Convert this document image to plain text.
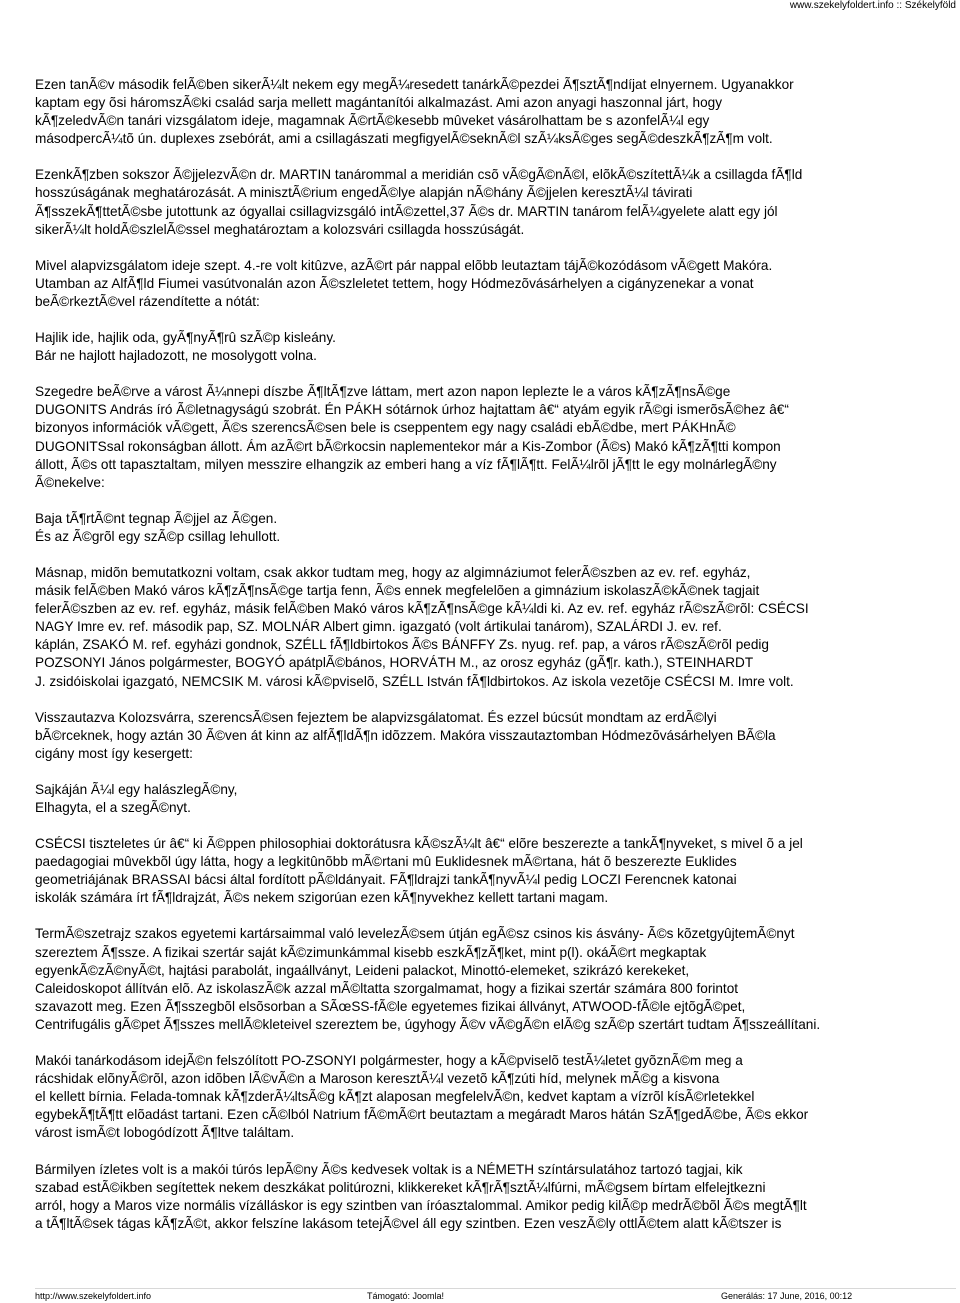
www.szekelyfoldert.info :: Székelyföld
Ezen tanÃ©v második felÃ©ben sikerÃ¼lt nekem egy megÃ¼resedett tanárkÃ©pezdei Ã¶sztÃ¶ndíjat elnyernem. Ugyanakkor
kaptam egy õsi háromszÃ©ki család sarja mellett magántanítói alkalmazást. Ami azon anyagi haszonnal járt, hogy
kÃ¶zeledvÃ©n tanári vizsgálatom ideje, magamnak Ã©rtÃ©kesebb mûveket vásárolhattam be s azonfelÃ¼l egy
másodpercÃ¼tõ ún. duplexes zsebórát, ami a csillagászati megfigyelÃ©seknÃ©l szÃ¼ksÃ©ges segÃ©deszkÃ¶zÃ¶m volt.
EzenkÃ¶zben sokszor Ã©jjelezvÃ©n dr. MARTIN tanárommal a meridián csõ vÃ©gÃ©nÃ©l, elõkÃ©szítettÃ¼k a csillagda fÃ¶ld
hosszúságának meghatározását. A minisztÃ©rium engedÃ©lye alapján nÃ©hány Ã©jjelen keresztÃ¼l távirati
Ã¶sszekÃ¶ttetÃ©sbe jutottunk az ógyallai csillagvizsgáló intÃ©zettel,37 Ã©s dr. MARTIN tanárom felÃ¼gyelete alatt egy jól
sikerÃ¼lt holdÃ©szlelÃ©ssel meghatároztam a kolozsvári csillagda hosszúságát.
Mivel alapvizsgálatom ideje szept. 4.-re volt kitûzve, azÃ©rt pár nappal elõbb leutaztam tájÃ©kozódásom vÃ©gett Makóra.
Utamban az AlfÃ¶ld Fiumei vasútvonalán azon Ã©szleletet tettem, hogy Hódmezõvásárhelyen a cigányzenekar a vonat
beÃ©rkeztÃ©vel rázendítette a nótát:
Hajlik ide, hajlik oda, gyÃ¶nyÃ¶rû szÃ©p kisleány.
Bár ne hajlott hajladozott, ne mosolygott volna.
Szegedre beÃ©rve a várost Ã¼nnepi díszbe Ã¶ltÃ¶zve láttam, mert azon napon leplezte le a város kÃ¶zÃ¶nsÃ©ge
DUGONITS András író Ã©letnagyságú szobrát. Én PÁKH sótárnok úrhoz hajtattam â€“ atyám egyik rÃ©gi ismerõsÃ©hez â€“
bizonyos információk vÃ©gett, Ã©s szerencsÃ©sen bele is cseppentem egy nagy családi ebÃ©dbe, mert PÁKHnÃ©
DUGONITSsal rokonságban állott. Ám azÃ©rt bÃ©rkocsin naplementekor már a Kis-Zombor (Ã©s) Makó kÃ¶zÃ¶tti kompon
állott, Ã©s ott tapasztaltam, milyen messzire elhangzik az emberi hang a víz fÃ¶lÃ¶tt. FelÃ¼lrõl jÃ¶tt le egy molnárlegÃ©ny
Ã©nekelve:
Baja tÃ¶rtÃ©nt tegnap Ã©jjel az Ã©gen.
És az Ã©grõl egy szÃ©p csillag lehullott.
Másnap, midõn bemutatkozni voltam, csak akkor tudtam meg, hogy az algimnáziumot felerÃ©szben az ev. ref. egyház,
másik felÃ©ben Makó város kÃ¶zÃ¶nsÃ©ge tartja fenn, Ã©s ennek megfelelõen a gimnázium iskolaszÃ©kÃ©nek tagjait
felerÃ©szben az ev. ref. egyház, másik felÃ©ben Makó város kÃ¶zÃ¶nsÃ©ge kÃ¼ldi ki. Az ev. ref. egyház rÃ©szÃ©rõl: CSÉCSI
NAGY Imre ev. ref. második pap, SZ. MOLNÁR Albert gimn. igazgató (volt ártikulai tanárom), SZALÁRDI J. ev. ref.
káplán, ZSAKÓ M. ref. egyházi gondnok, SZÉLL fÃ¶ldbirtokos Ã©s BÁNFFY Zs. nyug. ref. pap, a város rÃ©szÃ©rõl pedig
POZSONYI János polgármester, BOGYÓ apátplÃ©bános, HORVÁTH M., az orosz egyház (gÃ¶r. kath.), STEINHARDT
J. zsidóiskolai igazgató, NEMCSIK M. városi kÃ©pviselõ, SZÉLL István fÃ¶ldbirtokos. Az iskola vezetõje CSÉCSI M. Imre volt.
Visszautazva Kolozsvárra, szerencsÃ©sen fejeztem be alapvizsgálatomat. És ezzel búcsút mondtam az erdÃ©lyi
bÃ©rceknek, hogy aztán 30 Ã©ven át kinn az alfÃ¶ldÃ¶n idõzzem. Makóra visszautaztomban Hódmezõvásárhelyen BÃ©la
cigány most így kesergett:
Sajkáján Ã¼l egy halászlegÃ©ny,
Elhagyta, el a szegÃ©nyt.
CSÉCSI tiszteletes úr â€“ ki Ã©ppen philosophiai doktorátusra kÃ©szÃ¼lt â€“ elõre beszerezte a tankÃ¶nyveket, s mivel õ a jel
paedagogiai mûvekbõl úgy látta, hogy a legkitûnõbb mÃ©rtani mû Euklidesnek mÃ©rtana, hát õ beszerezte Euklides
geometriájának BRASSAI bácsi által fordított pÃ©ldányait. FÃ¶ldrajzi tankÃ¶nyvÃ¼l pedig LOCZI Ferencnek katonai
iskolák számára írt fÃ¶ldrajzát, Ã©s nekem szigorúan ezen kÃ¶nyvekhez kellett tartani magam.
TermÃ©szetrajz szakos egyetemi kartársaimmal való levelezÃ©sem útján egÃ©sz csinos kis ásvány- Ã©s kõzetgyûjtemÃ©nyt
szereztem Ã¶ssze. A fizikai szertár saját kÃ©zimunkámmal kisebb eszkÃ¶zÃ¶ket, mint p(l). okáÃ©rt megkaptak
egyenkÃ©zÃ©nyÃ©t, hajtási parabolát, ingaállványt, Leideni palackot, Minottó-elemeket, szikrázó kerekeket,
Caleidoskopot állítván elõ. Az iskolaszÃ©k azzal mÃ©ltatta szorgalmamat, hogy a fizikai szertár számára 800 forintot
szavazott meg. Ezen Ã¶sszegbõl elsõsorban a SÃœSS-fÃ©le egyetemes fizikai állványt, ATWOOD-fÃ©le ejtõgÃ©pet,
Centrifugális gÃ©pet Ã¶sszes mellÃ©kleteivel szereztem be, úgyhogy Ã©v vÃ©gÃ©n elÃ©g szÃ©p szertárt tudtam Ã¶sszeállítani.
Makói tanárkodásom idejÃ©n felszólított PO-ZSONYI polgármester, hogy a kÃ©pviselõ testÃ¼letet gyõznÃ©m meg a
rácshidak elõnyÃ©rõl, azon idõben lÃ©vÃ©n a Maroson keresztÃ¼l vezetõ kÃ¶zúti híd, melynek mÃ©g a kisvona
el kellett bírnia. Felada-tomnak kÃ¶zderÃ¼ltsÃ©g kÃ¶zt alaposan megfelelvÃ©n, kedvet kaptam a vízrõl kísÃ©rletekkel
egybekÃ¶tÃ¶tt elõadást tartani. Ezen cÃ©lból Natrium fÃ©mÃ©rt beutaztam a megáradt Maros hátán SzÃ¶gedÃ©be, Ã©s ekkor
várost ismÃ©t lobogódízott Ã¶ltve találtam.
Bármilyen ízletes volt is a makói túrós lepÃ©ny Ã©s kedvesek voltak is a NÉMETH színtársulatához tartozó tagjai, kik
szabad estÃ©ikben segítettek nekem deszkákat politúrozni, klikkereket kÃ¶rÃ¶sztÃ¼lfúrni, mÃ©gsem bírtam elfelejtkezni
arról, hogy a Maros vize normális vízálláskor is egy szintben van íróasztalommal. Amikor pedig kilÃ©p medrÃ©bõl Ã©s megtÃ¶lt
a tÃ¶ltÃ©sek tágas kÃ¶zÃ©t, akkor felszíne lakásom tetejÃ©vel áll egy szintben. Ezen veszÃ©ly ottlÃ©tem alatt kÃ©tszer is
http://www.szekelyfoldert.info	Támogató: Joomla!	Generálás: 17 June, 2016, 00:12
